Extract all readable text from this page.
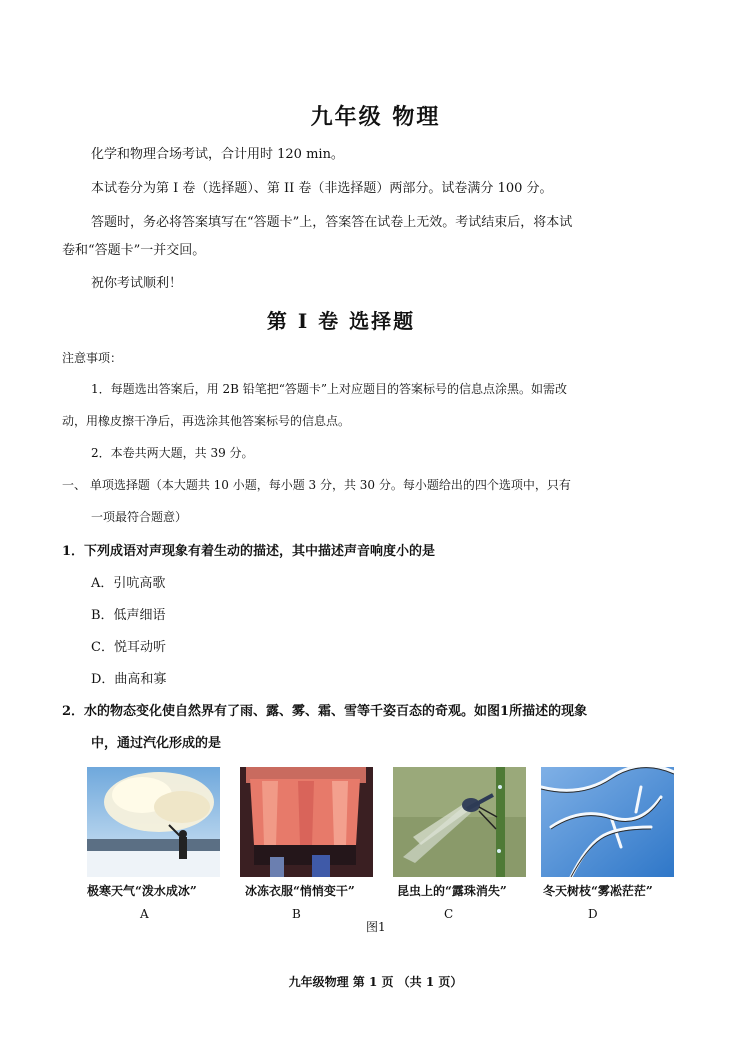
九年级 物理
化学和物理合场考试，合计用时 120 min。
本试卷分为第 I 卷（选择题）、第 II 卷（非选择题）两部分。试卷满分 100 分。
答题时，务必将答案填写在“答题卡”上，答案答在试卷上无效。考试结束后，将本试
卷和“答题卡”一并交回。
祝你考试顺利！
第 I 卷 选择题
注意事项：
1．每题选出答案后，用 2B 铅笔把“答题卡”上对应题目的答案标号的信息点涂黑。如需改
动，用橡皮擦干净后，再选涂其他答案标号的信息点。
2．本卷共两大题，共 39 分。
一、 单项选择题（本大题共 10 小题，每小题 3 分，共 30 分。每小题给出的四个选项中，只有
一项最符合题意）
1．下列成语对声现象有着生动的描述，其中描述声音响度小的是
A．引吭高歌
B．低声细语
C．悦耳动听
D．曲高和寡
2．水的物态变化使自然界有了雨、露、雾、霜、雪等千姿百态的奇观。如图1所描述的现象
中，通过汽化形成的是
极寒天气“泼水成冰”	冰冻衣服“悄悄变干”	昆虫上的“露珠消失”	冬天树枝“雾凇茫茫”
A	B	C	D
图1
九年级物理 第 1 页 （共 1 页）
